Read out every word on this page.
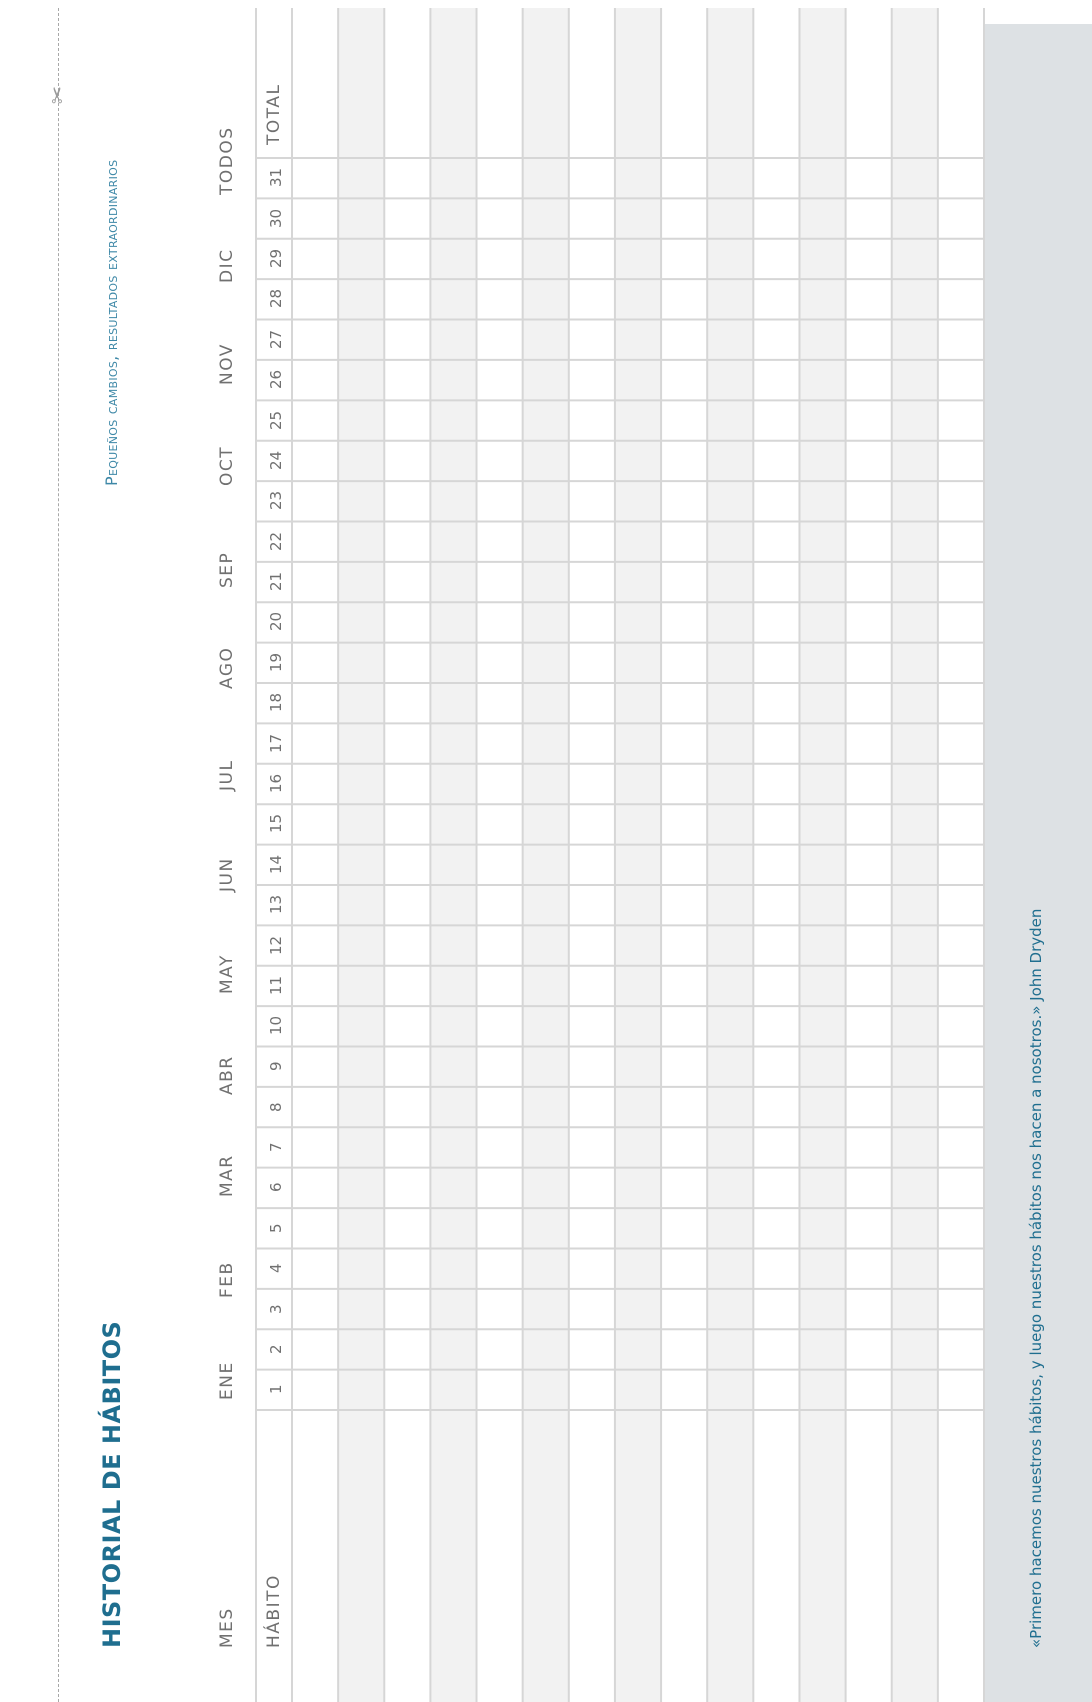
✂
HISTORIAL DE HÁBITOS
Pequeños cambios, resultados extraordinarios
MES HÁBITO
TOTAL
ENE
FEB
MAR
ABR
MAY
JUN
JUL
AGO
SEP
OCT
NOV
DIC
TODOS
1
2
3
4
5
6
7
8
9
10
11
12
13
14
15
16
17
18
19
20
21
22
23
24
25
26
27
28
29
30
31
«Primero hacemos nuestros hábitos, y luego nuestros hábitos nos hacen a nosotros.» John Dryden
